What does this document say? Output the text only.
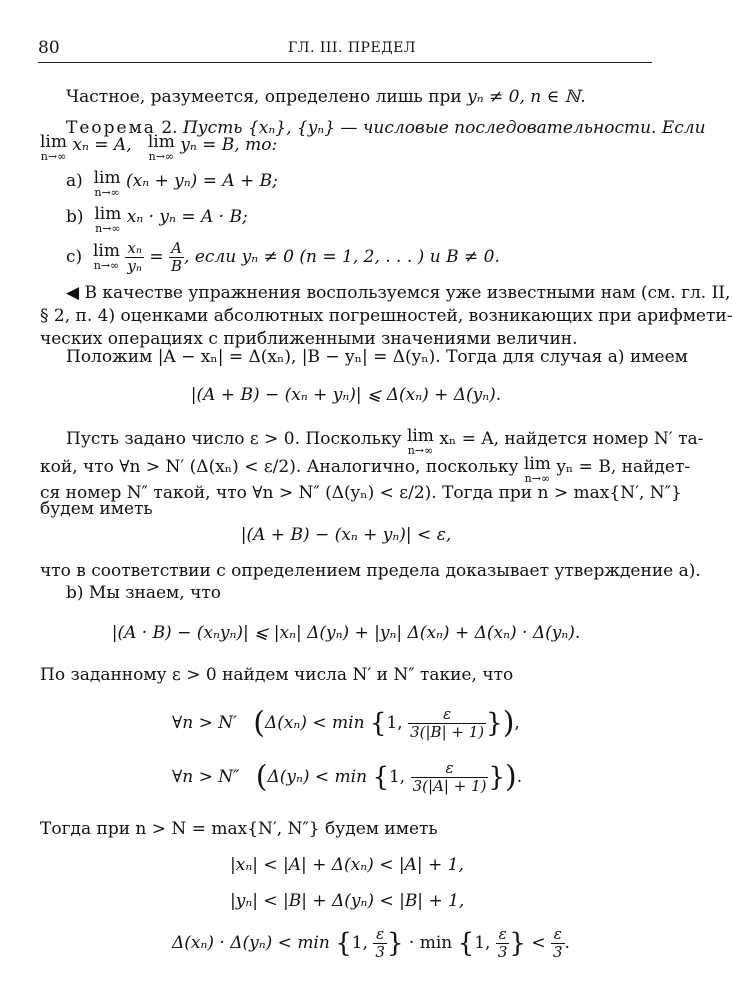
80	ГЛ. III. ПРЕДЕЛ
Частное, разумеется, определено лишь при yₙ ≠ 0, n ∈ ℕ.
Теорема 2. Пусть {xₙ}, {yₙ} — числовые последовательности. Если
lim
n→∞
xₙ = A, lim
n→∞
yₙ = B, то:
a) lim
n→∞
(xₙ + yₙ) = A + B;
b) lim
n→∞
xₙ · yₙ = A · B;
c) lim
n→∞
$\frac{\text{xₙ}}{\text{yₙ}} = \frac{A}{B}$ , если yₙ ≠ 0 (n = 1, 2, . . . ) и B ≠ 0.
◀ В качестве упражнения воспользуемся уже известными нам (см. гл. II,
§ 2, п. 4) оценками абсолютных погрешностей, возникающих при арифмети-
ческих операциях с приближенными значениями величин.
Положим |A − xₙ| = Δ(xₙ), |B − yₙ| = Δ(yₙ). Тогда для случая a) имеем
|(A + B) − (xₙ + yₙ)| ⩽ Δ(xₙ) + Δ(yₙ).
Пусть задано число ε > 0. Поскольку lim
n→∞
xₙ = A, найдется номер N′ та-
кой, что ∀n > N′ (Δ(xₙ) < ε/2). Аналогично, поскольку lim
n→∞
yₙ = B, найдет-
ся номер N″ такой, что ∀n > N″ (Δ(yₙ) < ε/2). Тогда при n > max{N′, N″}
будем иметь
|(A + B) − (xₙ + yₙ)| < ε,
что в соответствии с определением предела доказывает утверждение a).
b) Мы знаем, что
|(A · B) − (xₙyₙ)| ⩽ |xₙ| Δ(yₙ) + |yₙ| Δ(xₙ) + Δ(xₙ) · Δ(yₙ).
По заданному ε > 0 найдем числа N′ и N″ такие, что
∀n > N′ (Δ(xₙ) < min {1, $\frac{\varepsilon}{3(|B| + 1)}$ }),
∀n > N″ (Δ(yₙ) < min {1, $\frac{\varepsilon}{3(|A| + 1)}$ }).
Тогда при n > N = max{N′, N″} будем иметь
|xₙ| < |A| + Δ(xₙ) < |A| + 1,
|yₙ| < |B| + Δ(yₙ) < |B| + 1,
Δ(xₙ) · Δ(yₙ) < min {1, $\frac{\varepsilon}{3}$ } · min {1, $\frac{\varepsilon}{3}$ } < $\frac{\varepsilon}{3}$ .
